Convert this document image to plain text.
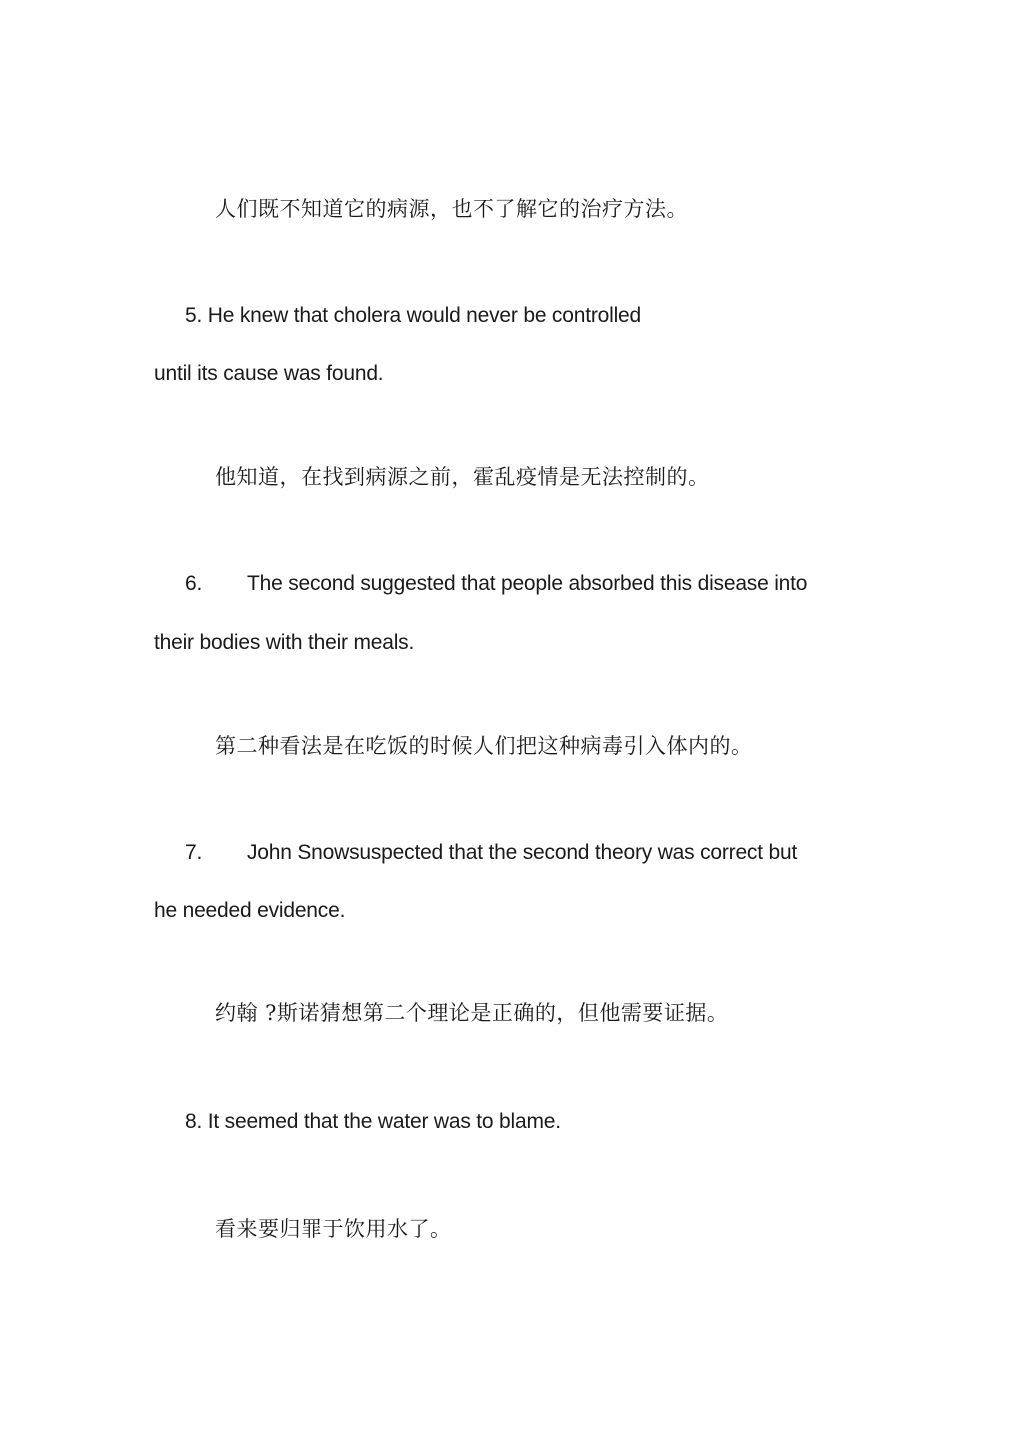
人们既不知道它的病源，也不了解它的治疗方法。
5. He knew that cholera would never be controlled
until its cause was found.
他知道，在找到病源之前，霍乱疫情是无法控制的。
6. The second suggested that people absorbed this disease into
their bodies with their meals.
第二种看法是在吃饭的时候人们把这种病毒引入体内的。
7. John Snowsuspected that the second theory was correct but
he needed evidence.
约翰 ?斯诺猜想第二个理论是正确的，但他需要证据。
8. It seemed that the water was to blame.
看来要归罪于饮用水了。
